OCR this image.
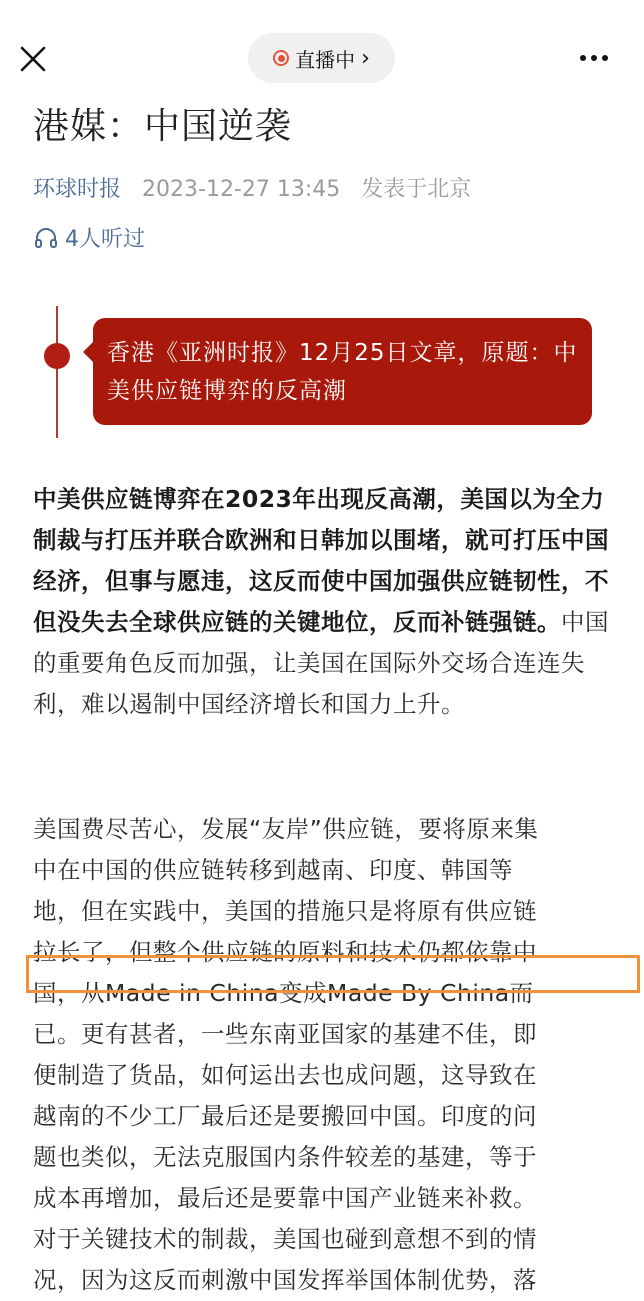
直播中 ›
港媒：中国逆袭
环球时报 2023-12-27 13:45 发表于北京
4人听过
香港《亚洲时报》12月25日文章，原题：中美供应链博弈的反高潮
中美供应链博弈在2023年出现反高潮，美国以为全力制裁与打压并联合欧洲和日韩加以围堵，就可打压中国经济，但事与愿违，这反而使中国加强供应链韧性，不但没失去全球供应链的关键地位，反而补链强链。中国的重要角色反而加强，让美国在国际外交场合连连失利，难以遏制中国经济增长和国力上升。
美国费尽苦心，发展“友岸”供应链，要将原来集
中在中国的供应链转移到越南、印度、韩国等
地，但在实践中，美国的措施只是将原有供应链
拉长了，但整个供应链的原料和技术仍都依靠中
国，从Made in China变成Made By China而
已。更有甚者，一些东南亚国家的基建不佳，即
便制造了货品，如何运出去也成问题，这导致在
越南的不少工厂最后还是要搬回中国。印度的问
题也类似，无法克服国内条件较差的基建，等于
成本再增加，最后还是要靠中国产业链来补救。
对于关键技术的制裁，美国也碰到意想不到的情
况，因为这反而刺激中国发挥举国体制优势，落
